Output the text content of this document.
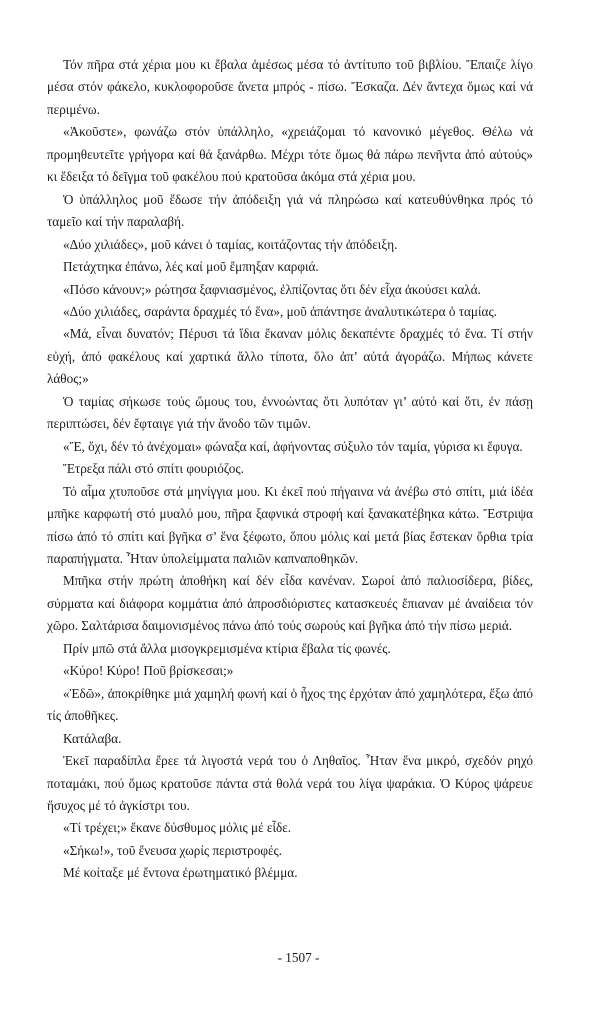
Τόν πῆρα στά χέρια μου κι ἔβαλα ἀμέσως μέσα τό ἀντίτυπο τοῦ βιβλίου. Ἔπαιζε λίγο μέσα στόν φάκελο, κυκλοφοροῦσε ἄνετα μπρός - πίσω. Ἔσκαζα. Δέν ἄντεχα ὅμως καί νά περιμένω.

«Ἀκοῦστε», φωνάζω στόν ὑπάλληλο, «χρειάζομαι τό κανονικό μέγεθος. Θέλω νά προμηθευτεῖτε γρήγορα καί θά ξανάρθω. Μέχρι τότε ὅμως θά πάρω πενῆντα ἀπό αὐτούς» κι ἔδειξα τό δεῖγμα τοῦ φακέλου πού κρατοῦσα ἀκόμα στά χέρια μου.

Ὁ ὑπάλληλος μοῦ ἔδωσε τήν ἀπόδειξη γιά νά πληρώσω καί κατευθύνθηκα πρός τό ταμεῖο καί τήν παραλαβή.

«Δύο χιλιάδες», μοῦ κάνει ὁ ταμίας, κοιτάζοντας τήν ἀπόδειξη.

Πετάχτηκα ἐπάνω, λές καί μοῦ ἔμπηξαν καρφιά.

«Πόσο κάνουν;» ρώτησα ξαφνιασμένος, ἐλπίζοντας ὅτι δέν εἶχα ἀκούσει καλά.

«Δύο χιλιάδες, σαράντα δραχμές τό ἕνα», μοῦ ἀπάντησε ἀναλυτικώτερα ὁ ταμίας.

«Μά, εἶναι δυνατόν; Πέρυσι τά ἴδια ἔκαναν μόλις δεκαπέντε δραχμές τό ἕνα. Τί στήν εὐχή, ἀπό φακέλους καί χαρτικά ἄλλο τίποτα, ὅλο ἀπ’ αὐτά ἀγοράζω. Μήπως κάνετε λάθος;»

Ὁ ταμίας σήκωσε τούς ὤμους του, ἐννοώντας ὅτι λυπόταν γι’ αὐτό καί ὅτι, ἐν πάσῃ περιπτώσει, δέν ἔφταιγε γιά τήν ἄνοδο τῶν τιμῶν.

«Ἔ, ὄχι, δέν τό ἀνέχομαι» φώναξα καί, ἀφήνοντας σύξυλο τόν ταμία, γύρισα κι ἔφυγα.

Ἔτρεξα πάλι στό σπίτι φουριόζος.

Τό αἷμα χτυποῦσε στά μηνίγγια μου. Κι ἐκεῖ πού πήγαινα νά ἀνέβω στό σπίτι, μιά ἰδέα μπῆκε καρφωτή στό μυαλό μου, πῆρα ξαφνικά στροφή καί ξανακατέβηκα κάτω. Ἔστριψα πίσω ἀπό τό σπίτι καί βγῆκα σ’ ἕνα ξέφωτο, ὅπου μόλις καί μετά βίας ἔστεκαν ὄρθια τρία παραπήγματα. Ἦταν ὑπολείμματα παλιῶν καπναποθηκῶν.

Μπῆκα στήν πρώτη ἀποθήκη καί δέν εἶδα κανέναν. Σωροί ἀπό παλιοσίδερα, βίδες, σύρματα καί διάφορα κομμάτια ἀπό ἀπροσδιόριστες κατασκευές ἔπιαναν μέ ἀναίδεια τόν χῶρο. Σαλτάρισα δαιμονισμένος πάνω ἀπό τούς σωρούς καί βγῆκα ἀπό τήν πίσω μεριά.

Πρίν μπῶ στά ἄλλα μισογκρεμισμένα κτίρια ἔβαλα τίς φωνές.

«Κύρο! Κύρο! Ποῦ βρίσκεσαι;»

«Ἐδῶ», ἀποκρίθηκε μιά χαμηλή φωνή καί ὁ ἦχος της ἐρχόταν ἀπό χαμηλότερα, ἔξω ἀπό τίς ἀποθῆκες.

Κατάλαβα.

Ἐκεῖ παραδίπλα ἔρεε τά λιγοστά νερά του ὁ Ληθαῖος. Ἦταν ἕνα μικρό, σχεδόν ρηχό ποταμάκι, πού ὅμως κρατοῦσε πάντα στά θολά νερά του λίγα ψαράκια. Ὁ Κύρος ψάρευε ἥσυχος μέ τό ἀγκίστρι του.

«Τί τρέχει;» ἔκανε δύσθυμος μόλις μέ εἶδε.

«Σήκω!», τοῦ ἔνευσα χωρίς περιστροφές.

Μέ κοίταξε μέ ἔντονα ἐρωτηματικό βλέμμα.

- 1507 -
